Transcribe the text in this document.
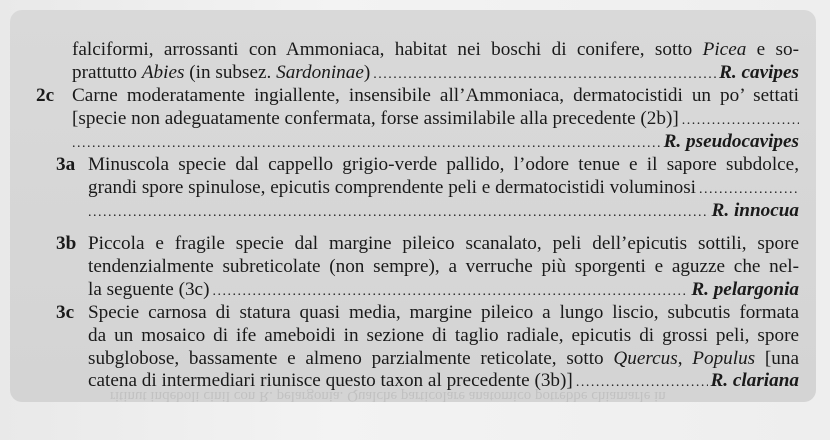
ritinut indeboli cinil con R. pelargonia. Qualche particolare anatomico potrebbe chiamarle in
falciformi, arrossanti con Ammoniaca, habitat nei boschi di conifere, sotto Picea e so-
prattutto Abies (in subsez. Sardoninae) .....	R. cavipes
2c Carne moderatamente ingiallente, insensibile all’Ammoniaca, dermatocistidi un po’ settati
[specie non adeguatamente confermata, forse assimilabile alla precedente (2b)]
.....
.....
R. pseudocavipes
3a Minuscola specie dal cappello grigio-verde pallido, l’odore tenue e il sapore subdolce,
grandi spore spinulose, epicutis comprendente peli e dermatocistidi voluminosi
.....
.....
R. innocua
3b Piccola e fragile specie dal margine pileico scanalato, peli dell’epicutis sottili, spore
tendenzialmente subreticolate (non sempre), a verruche più sporgenti e aguzze che nel-
la seguente (3c) .....	R. pelargonia
3c Specie carnosa di statura quasi media, margine pileico a lungo liscio, subcutis formata
da un mosaico di ife ameboidi in sezione di taglio radiale, epicutis di grossi peli, spore
subglobose, bassamente e almeno parzialmente reticolate, sotto Quercus, Populus [una
catena di intermediari riunisce questo taxon al precedente (3b)] .....	R. clariana
